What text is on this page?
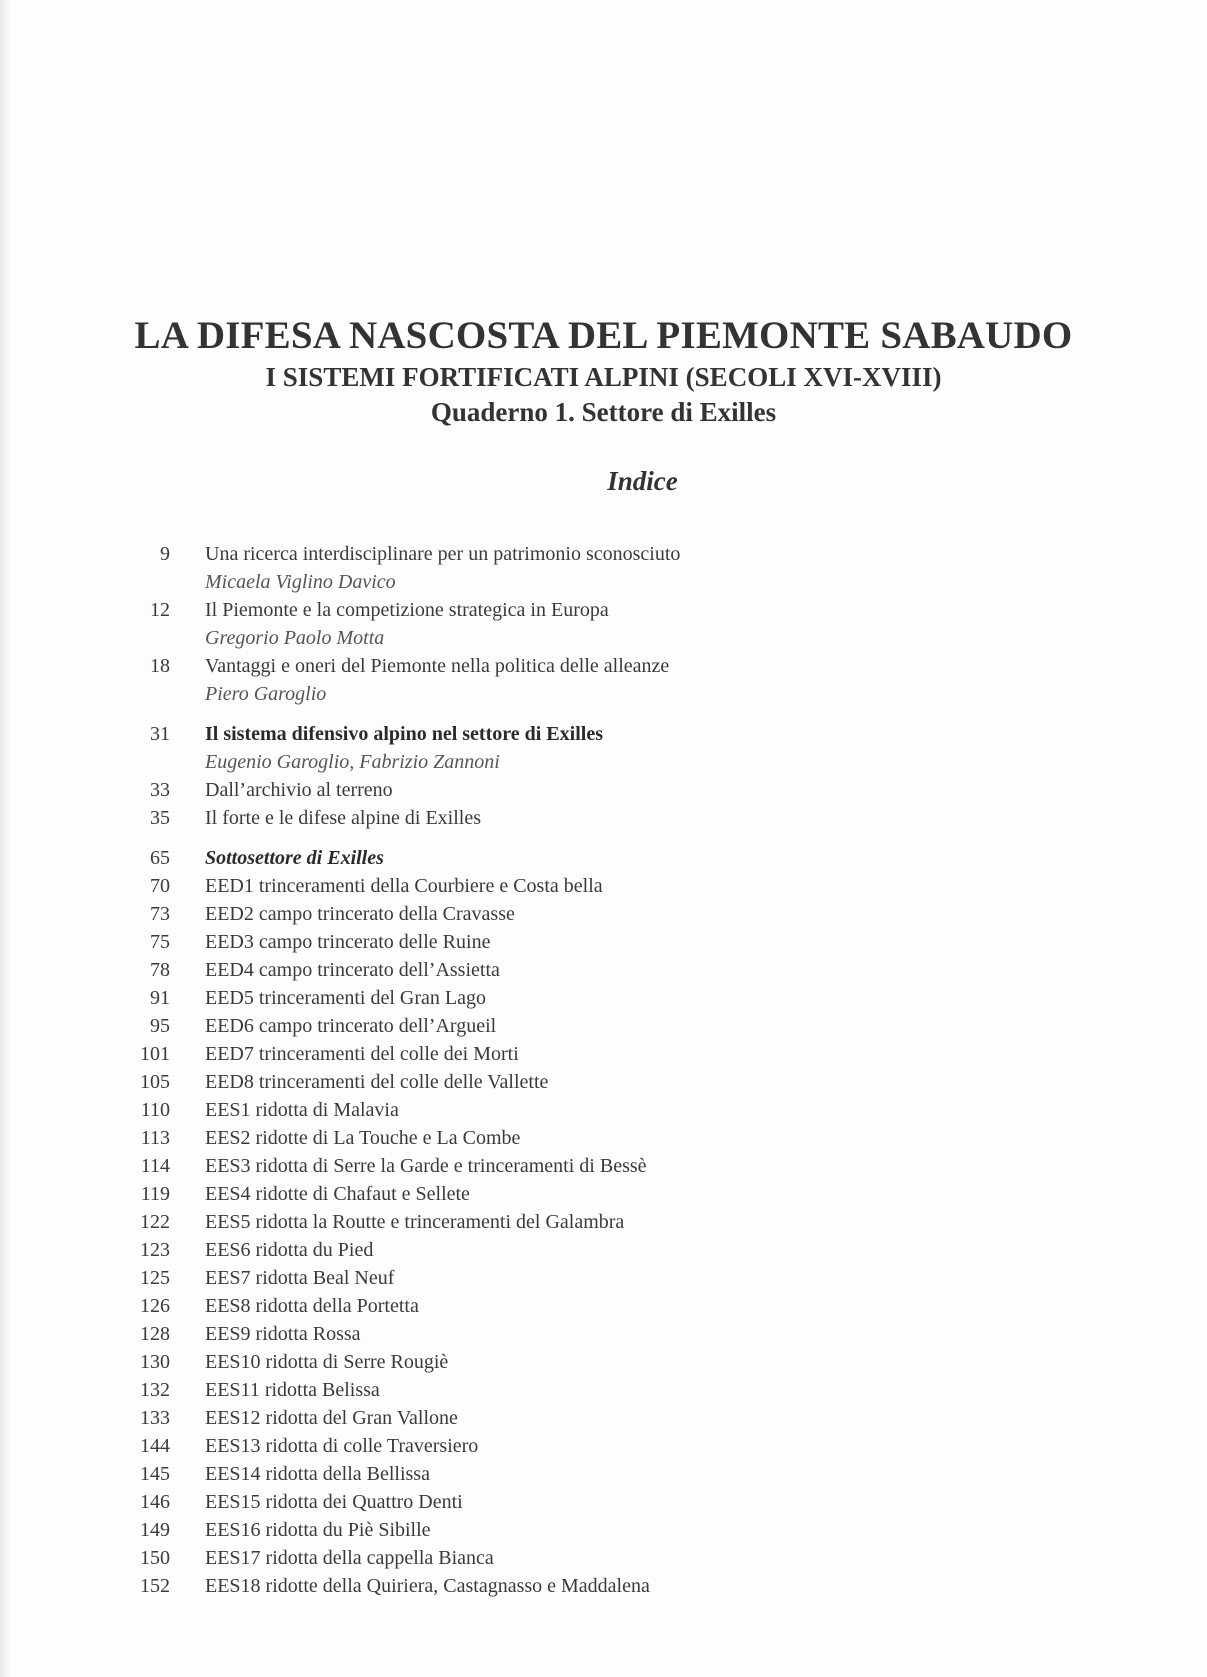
LA DIFESA NASCOSTA DEL PIEMONTE SABAUDO
I SISTEMI FORTIFICATI ALPINI (SECOLI XVI-XVIII)
Quaderno 1. Settore di Exilles
Indice
9 Una ricerca interdisciplinare per un patrimonio sconosciuto
Micaela Viglino Davico
12 Il Piemonte e la competizione strategica in Europa
Gregorio Paolo Motta
18 Vantaggi e oneri del Piemonte nella politica delle alleanze
Piero Garoglio
31 Il sistema difensivo alpino nel settore di Exilles
Eugenio Garoglio, Fabrizio Zannoni
33 Dall’archivio al terreno
35 Il forte e le difese alpine di Exilles
65 Sottosettore di Exilles
70 EED1 trinceramenti della Courbiere e Costa bella
73 EED2 campo trincerato della Cravasse
75 EED3 campo trincerato delle Ruine
78 EED4 campo trincerato dell’Assietta
91 EED5 trinceramenti del Gran Lago
95 EED6 campo trincerato dell’Argueil
101 EED7 trinceramenti del colle dei Morti
105 EED8 trinceramenti del colle delle Vallette
110 EES1 ridotta di Malavia
113 EES2 ridotte di La Touche e La Combe
114 EES3 ridotta di Serre la Garde e trinceramenti di Bessè
119 EES4 ridotte di Chafaut e Sellete
122 EES5 ridotta la Routte e trinceramenti del Galambra
123 EES6 ridotta du Pied
125 EES7 ridotta Beal Neuf
126 EES8 ridotta della Portetta
128 EES9 ridotta Rossa
130 EES10 ridotta di Serre Rougiè
132 EES11 ridotta Belissa
133 EES12 ridotta del Gran Vallone
144 EES13 ridotta di colle Traversiero
145 EES14 ridotta della Bellissa
146 EES15 ridotta dei Quattro Denti
149 EES16 ridotta du Piè Sibille
150 EES17 ridotta della cappella Bianca
152 EES18 ridotte della Quiriera, Castagnasso e Maddalena
